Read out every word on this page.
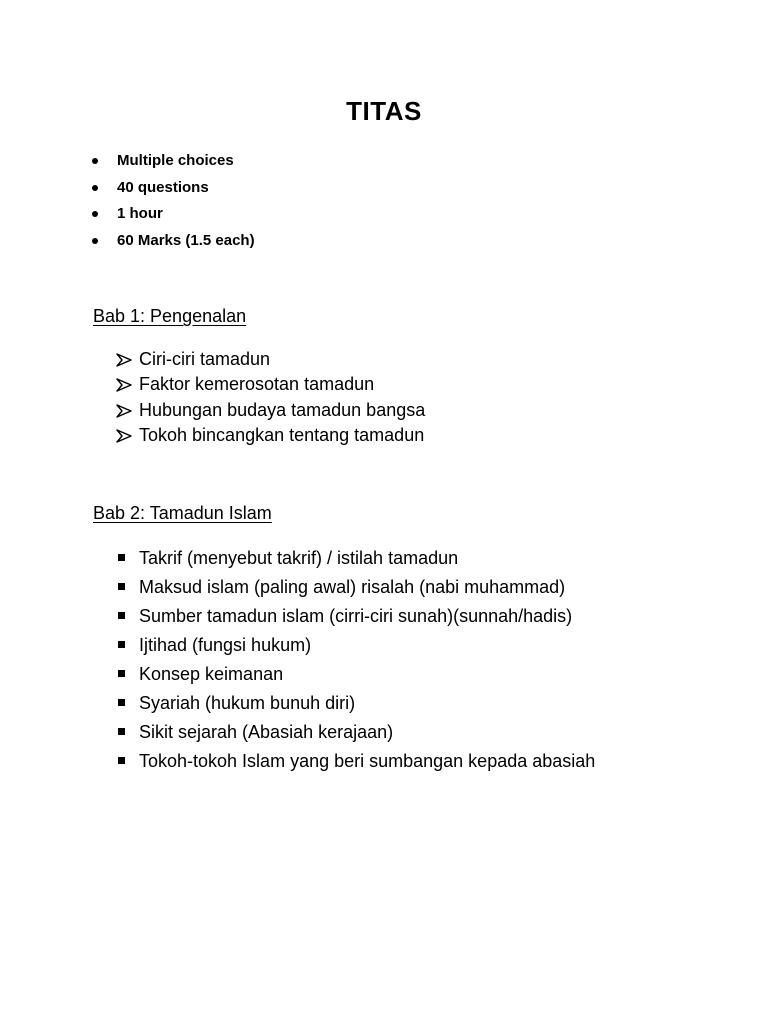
TITAS
Multiple choices
40 questions
1 hour
60 Marks (1.5 each)
Bab 1: Pengenalan
Ciri-ciri tamadun
Faktor kemerosotan tamadun
Hubungan budaya tamadun bangsa
Tokoh bincangkan tentang tamadun
Bab 2: Tamadun Islam
Takrif (menyebut takrif) / istilah tamadun
Maksud islam (paling awal) risalah (nabi muhammad)
Sumber tamadun islam (cirri-ciri sunah)(sunnah/hadis)
Ijtihad (fungsi hukum)
Konsep keimanan
Syariah (hukum bunuh diri)
Sikit sejarah (Abasiah kerajaan)
Tokoh-tokoh Islam yang beri sumbangan kepada abasiah
